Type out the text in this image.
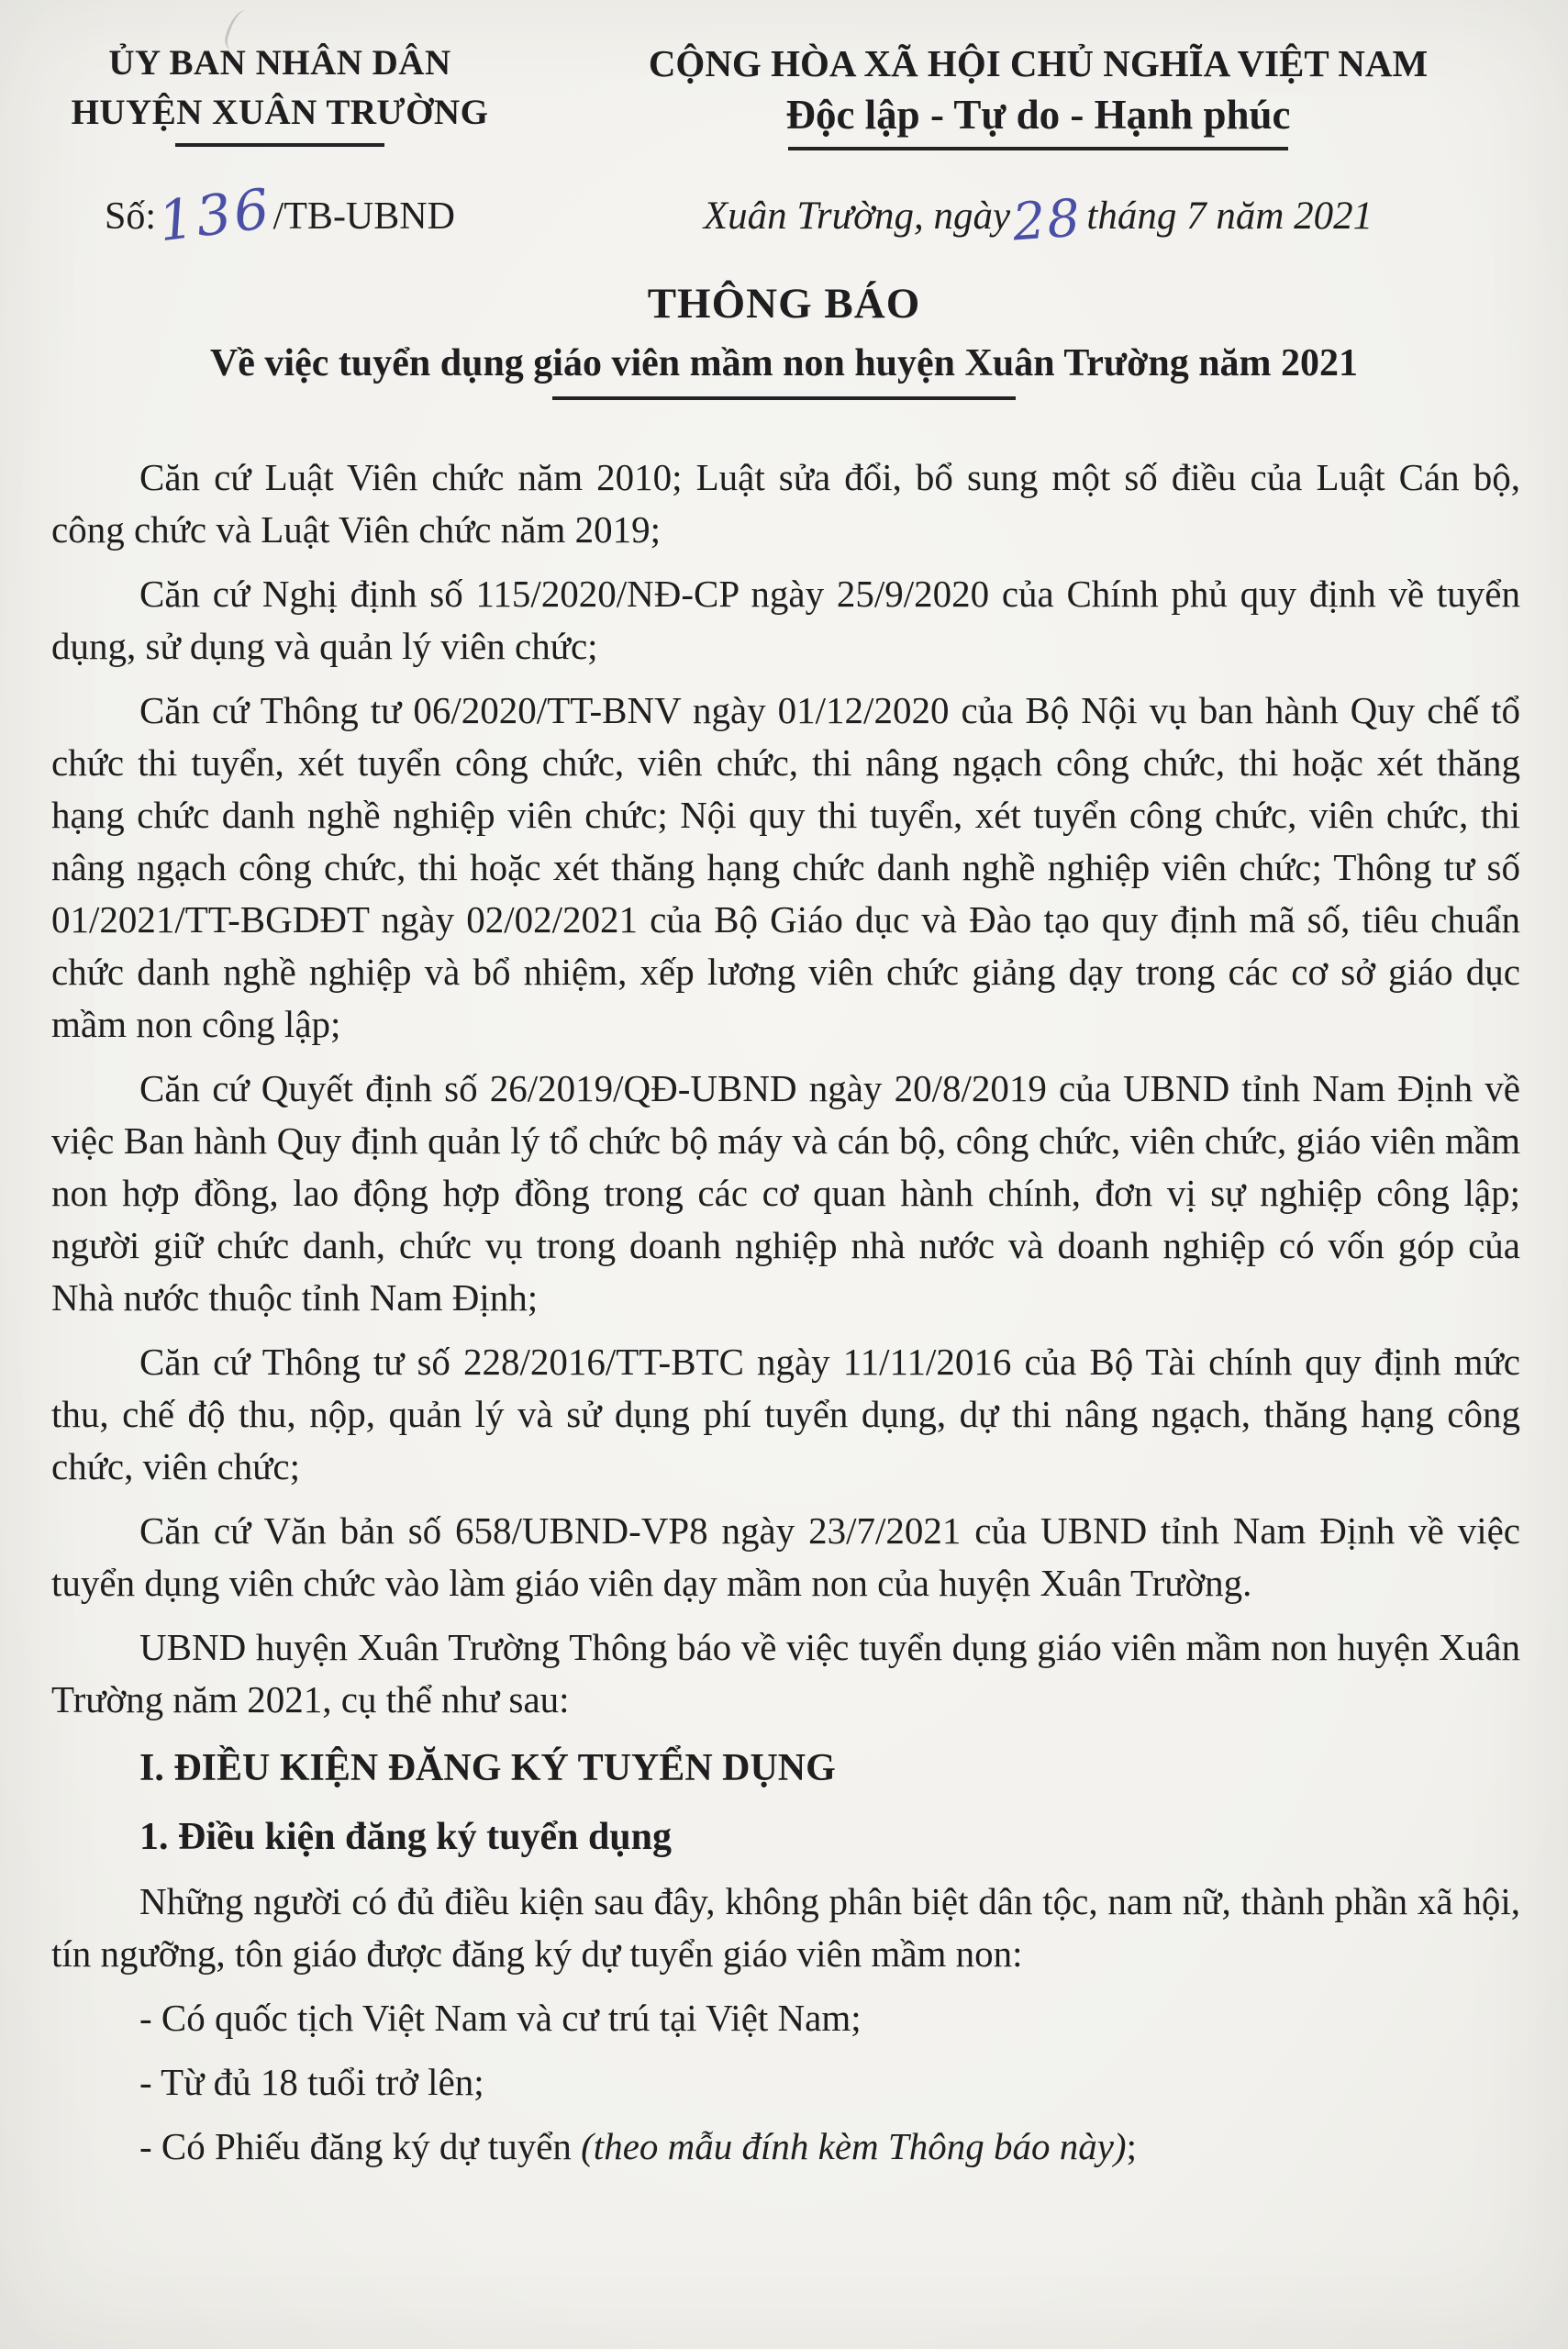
ỦY BAN NHÂN DÂN
HUYỆN XUÂN TRƯỜNG
CỘNG HÒA XÃ HỘI CHỦ NGHĨA VIỆT NAM
Độc lập - Tự do - Hạnh phúc
Số:136/TB-UBND	Xuân Trường, ngày28tháng 7 năm 2021
THÔNG BÁO
Về việc tuyển dụng giáo viên mầm non huyện Xuân Trường năm 2021

Căn cứ Luật Viên chức năm 2010; Luật sửa đổi, bổ sung một số điều của Luật Cán bộ, công chức và Luật Viên chức năm 2019;

Căn cứ Nghị định số 115/2020/NĐ-CP ngày 25/9/2020 của Chính phủ quy định về tuyển dụng, sử dụng và quản lý viên chức;

Căn cứ Thông tư 06/2020/TT-BNV ngày 01/12/2020 của Bộ Nội vụ ban hành Quy chế tổ chức thi tuyển, xét tuyển công chức, viên chức, thi nâng ngạch công chức, thi hoặc xét thăng hạng chức danh nghề nghiệp viên chức; Nội quy thi tuyển, xét tuyển công chức, viên chức, thi nâng ngạch công chức, thi hoặc xét thăng hạng chức danh nghề nghiệp viên chức; Thông tư số 01/2021/TT-BGDĐT ngày 02/02/2021 của Bộ Giáo dục và Đào tạo quy định mã số, tiêu chuẩn chức danh nghề nghiệp và bổ nhiệm, xếp lương viên chức giảng dạy trong các cơ sở giáo dục mầm non công lập;

Căn cứ Quyết định số 26/2019/QĐ-UBND ngày 20/8/2019 của UBND tỉnh Nam Định về việc Ban hành Quy định quản lý tổ chức bộ máy và cán bộ, công chức, viên chức, giáo viên mầm non hợp đồng, lao động hợp đồng trong các cơ quan hành chính, đơn vị sự nghiệp công lập; người giữ chức danh, chức vụ trong doanh nghiệp nhà nước và doanh nghiệp có vốn góp của Nhà nước thuộc tỉnh Nam Định;

Căn cứ Thông tư số 228/2016/TT-BTC ngày 11/11/2016 của Bộ Tài chính quy định mức thu, chế độ thu, nộp, quản lý và sử dụng phí tuyển dụng, dự thi nâng ngạch, thăng hạng công chức, viên chức;

Căn cứ Văn bản số 658/UBND-VP8 ngày 23/7/2021 của UBND tỉnh Nam Định về việc tuyển dụng viên chức vào làm giáo viên dạy mầm non của huyện Xuân Trường.

UBND huyện Xuân Trường Thông báo về việc tuyển dụng giáo viên mầm non huyện Xuân Trường năm 2021, cụ thể như sau:

I. ĐIỀU KIỆN ĐĂNG KÝ TUYỂN DỤNG
1. Điều kiện đăng ký tuyển dụng

Những người có đủ điều kiện sau đây, không phân biệt dân tộc, nam nữ, thành phần xã hội, tín ngưỡng, tôn giáo được đăng ký dự tuyển giáo viên mầm non:

- Có quốc tịch Việt Nam và cư trú tại Việt Nam;

- Từ đủ 18 tuổi trở lên;

- Có Phiếu đăng ký dự tuyển (theo mẫu đính kèm Thông báo này);
